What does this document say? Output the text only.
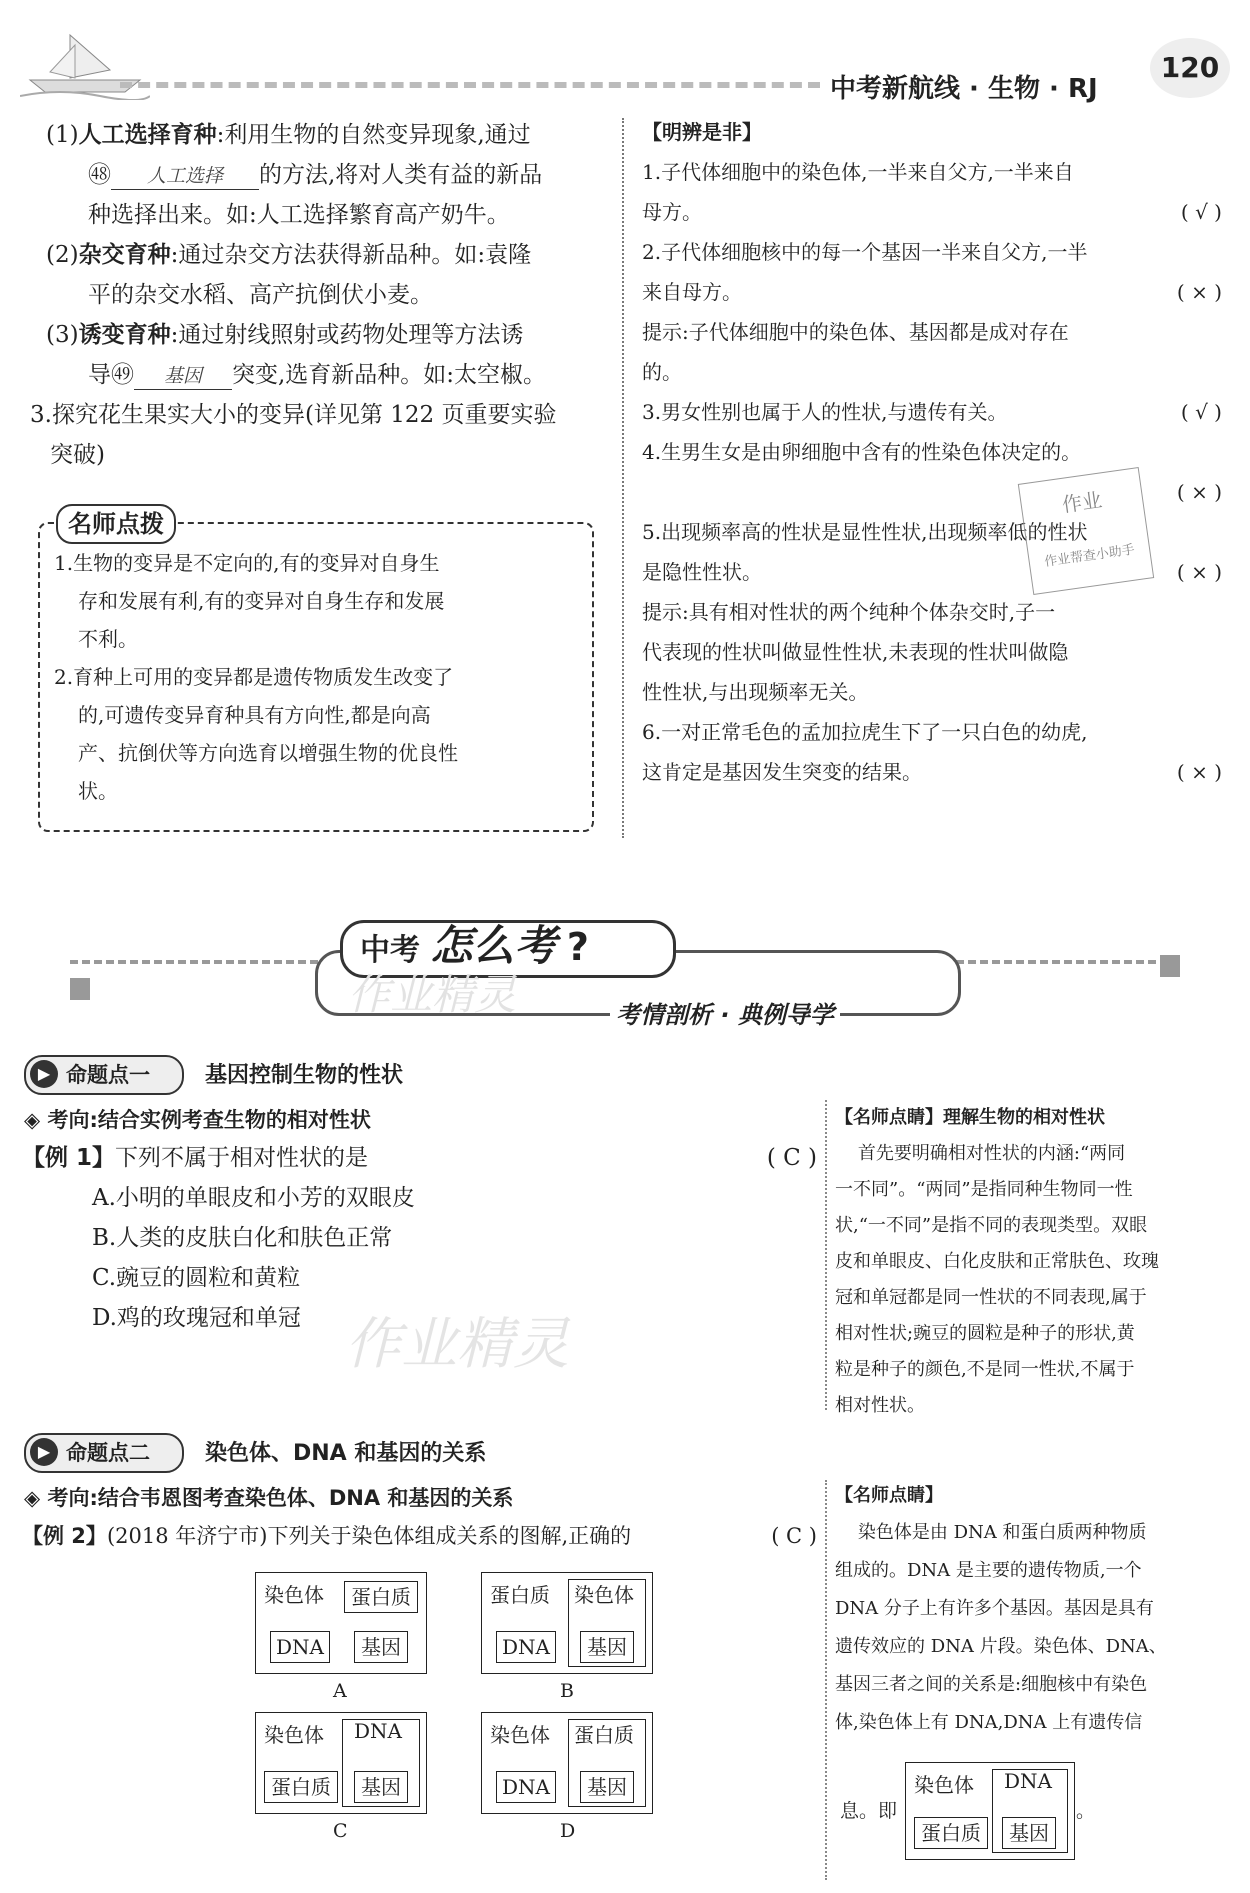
中考新航线 · 生物 · RJ
120
(1)人工选择育种:利用生物的自然变异现象,通过
㊽ 人工选择 的方法,将对人类有益的新品
种选择出来。如:人工选择繁育高产奶牛。
(2)杂交育种:通过杂交方法获得新品种。如:袁隆
平的杂交水稻、高产抗倒伏小麦。
(3)诱变育种:通过射线照射或药物处理等方法诱
导㊾ 基因 突变,选育新品种。如:太空椒。
3.探究花生果实大小的变异(详见第 122 页重要实验
突破)
名师点拨
1.生物的变异是不定向的,有的变异对自身生
存和发展有利,有的变异对自身生存和发展
不利。
2.育种上可用的变异都是遗传物质发生改变了
的,可遗传变异育种具有方向性,都是向高
产、抗倒伏等方向选育以增强生物的优良性
状。
【明辨是非】
1.子代体细胞中的染色体,一半来自父方,一半来自
母方。	( √ )
2.子代体细胞核中的每一个基因一半来自父方,一半
来自母方。	( × )
提示:子代体细胞中的染色体、基因都是成对存在
的。
3.男女性别也属于人的性状,与遗传有关。	( √ )
4.生男生女是由卵细胞中含有的性染色体决定的。
( × )
5.出现频率高的性状是显性性状,出现频率低的性状
是隐性性状。	( × )
提示:具有相对性状的两个纯种个体杂交时,子一
代表现的性状叫做显性性状,未表现的性状叫做隐
性性状,与出现频率无关。
6.一对正常毛色的孟加拉虎生下了一只白色的幼虎,
这肯定是基因发生突变的结果。	( × )
作业
作业帮查小助手
中考 怎么考 ?
作业精灵	考情剖析 · 典例导学
▶ 命题点一	基因控制生物的性状
◈ 考向:结合实例考查生物的相对性状
【例 1】下列不属于相对性状的是	( C )
A.小明的单眼皮和小芳的双眼皮
B.人类的皮肤白化和肤色正常
C.豌豆的圆粒和黄粒
D.鸡的玫瑰冠和单冠 作业精灵
【名师点睛】理解生物的相对性状
首先要明确相对性状的内涵:“两同
一不同”。“两同”是指同种生物同一性
状,“一不同”是指不同的表现类型。双眼
皮和单眼皮、白化皮肤和正常肤色、玫瑰
冠和单冠都是同一性状的不同表现,属于
相对性状;豌豆的圆粒是种子的形状,黄
粒是种子的颜色,不是同一性状,不属于
相对性状。
▶ 命题点二	染色体、DNA 和基因的关系
◈ 考向:结合韦恩图考查染色体、DNA 和基因的关系
【例 2】(2018 年济宁市)下列关于染色体组成关系的图解,正确的	( C )
染色体	蛋白质
DNA	基因
A
蛋白质 染色体
DNA	基因
B
染色体 DNA
蛋白质	基因
C
染色体 蛋白质
DNA	基因
D
【名师点睛】
染色体是由 DNA 和蛋白质两种物质
组成的。DNA 是主要的遗传物质,一个
DNA 分子上有许多个基因。基因是具有
遗传效应的 DNA 片段。染色体、DNA、
基因三者之间的关系是:细胞核中有染色
体,染色体上有 DNA,DNA 上有遗传信
息。即
染色体 DNA
蛋白质	基因
。
